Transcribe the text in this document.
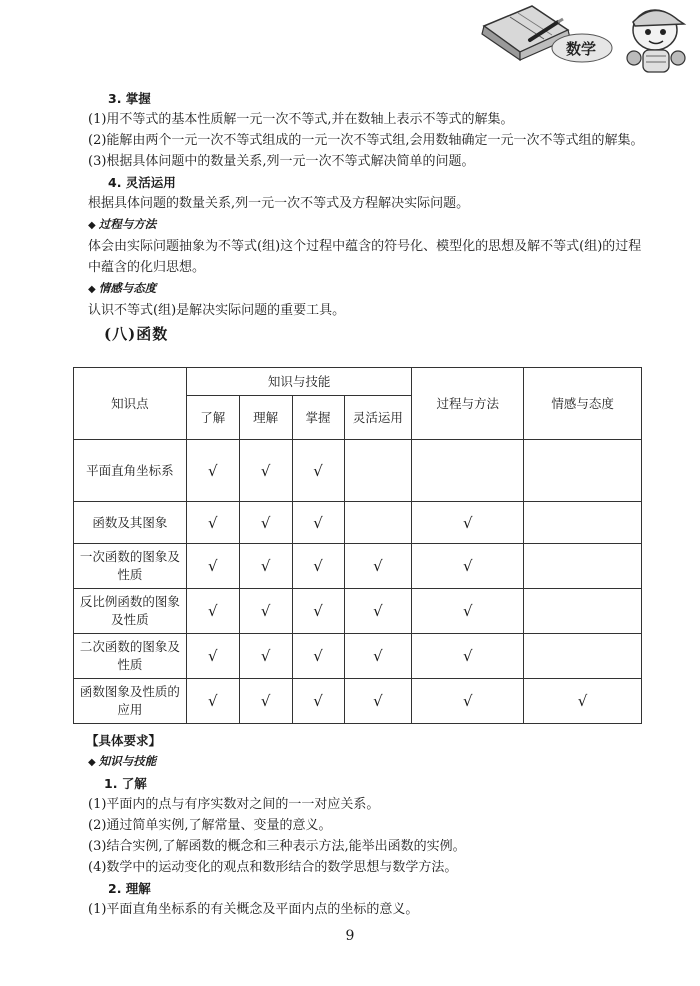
数学

3. 掌握

(1)用不等式的基本性质解一元一次不等式,并在数轴上表示不等式的解集。

(2)能解由两个一元一次不等式组成的一元一次不等式组,会用数轴确定一元一次不等式组的解集。

(3)根据具体问题中的数量关系,列一元一次不等式解决简单的问题。

4. 灵活运用

根据具体问题的数量关系,列一元一次不等式及方程解决实际问题。

◆ 过程与方法

体会由实际问题抽象为不等式(组)这个过程中蕴含的符号化、模型化的思想及解不等式(组)的过程中蕴含的化归思想。

◆ 情感与态度

认识不等式(组)是解决实际问题的重要工具。

(八)函数

知识点	知识与技能				过程与方法	情感与态度
	了解	理解	掌握	灵活运用		
平面直角坐标系	√	√	√			
函数及其图象	√	√	√		√	
一次函数的图象及性质	√	√	√	√	√	
反比例函数的图象及性质	√	√	√	√	√	
二次函数的图象及性质	√	√	√	√	√	
函数图象及性质的应用	√	√	√	√	√	√

【具体要求】

◆ 知识与技能

1. 了解

(1)平面内的点与有序实数对之间的一一对应关系。

(2)通过简单实例,了解常量、变量的意义。

(3)结合实例,了解函数的概念和三种表示方法,能举出函数的实例。

(4)数学中的运动变化的观点和数形结合的数学思想与数学方法。

2. 理解

(1)平面直角坐标系的有关概念及平面内点的坐标的意义。

9
